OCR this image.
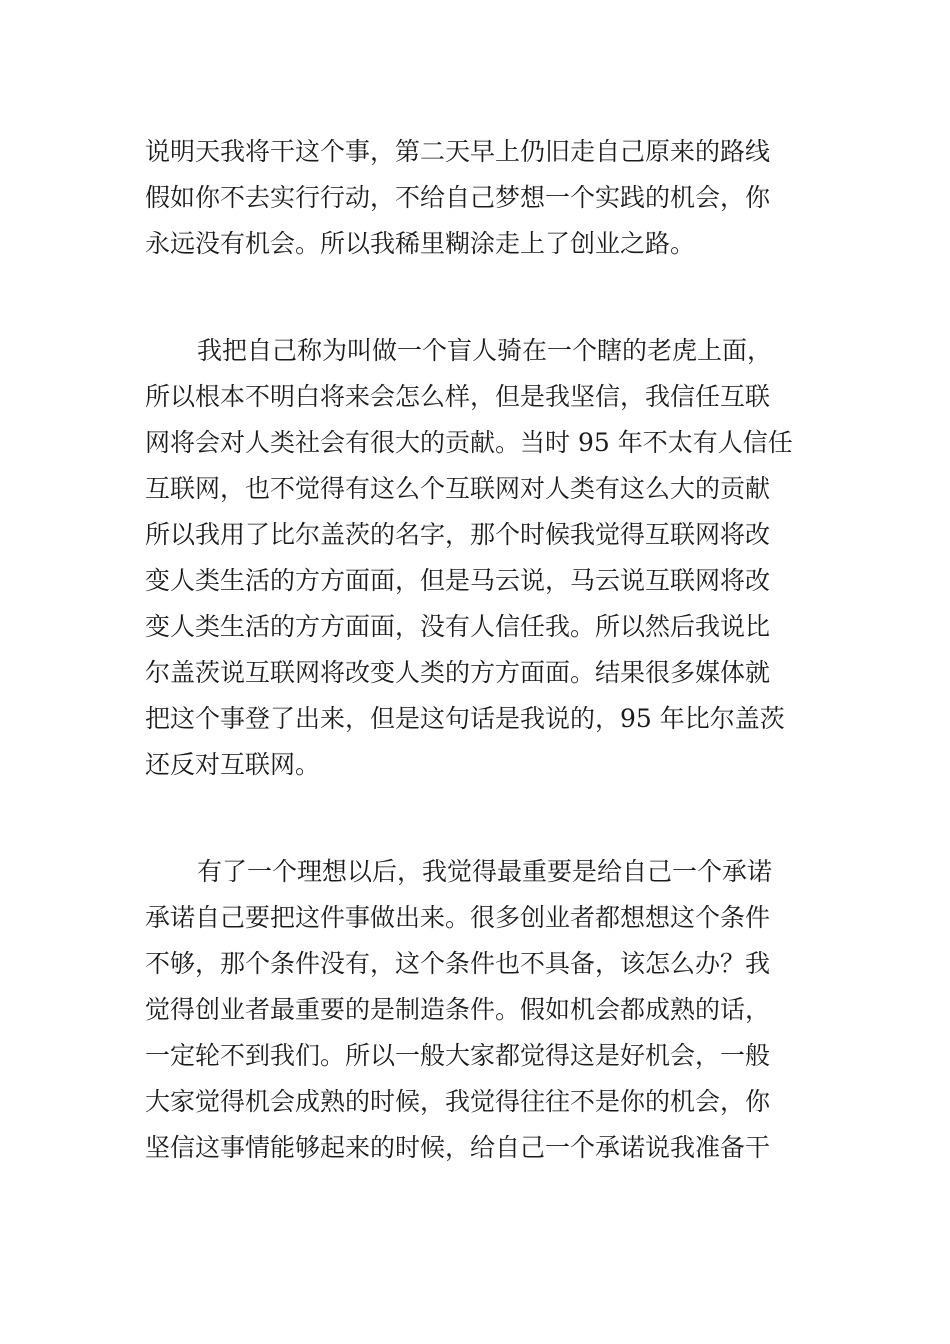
说明天我将干这个事，第二天早上仍旧走自己原来的路线
假如你不去实行行动，不给自己梦想一个实践的机会，你
永远没有机会。所以我稀里糊涂走上了创业之路。
我把自己称为叫做一个盲人骑在一个瞎的老虎上面，
所以根本不明白将来会怎么样，但是我坚信，我信任互联
网将会对人类社会有很大的贡献。当时 95 年不太有人信任
互联网，也不觉得有这么个互联网对人类有这么大的贡献
所以我用了比尔盖茨的名字，那个时候我觉得互联网将改
变人类生活的方方面面，但是马云说，马云说互联网将改
变人类生活的方方面面，没有人信任我。所以然后我说比
尔盖茨说互联网将改变人类的方方面面。结果很多媒体就
把这个事登了出来，但是这句话是我说的，95 年比尔盖茨
还反对互联网。
有了一个理想以后，我觉得最重要是给自己一个承诺
承诺自己要把这件事做出来。很多创业者都想想这个条件
不够，那个条件没有，这个条件也不具备，该怎么办？我
觉得创业者最重要的是制造条件。假如机会都成熟的话，
一定轮不到我们。所以一般大家都觉得这是好机会，一般
大家觉得机会成熟的时候，我觉得往往不是你的机会，你
坚信这事情能够起来的时候，给自己一个承诺说我准备干
